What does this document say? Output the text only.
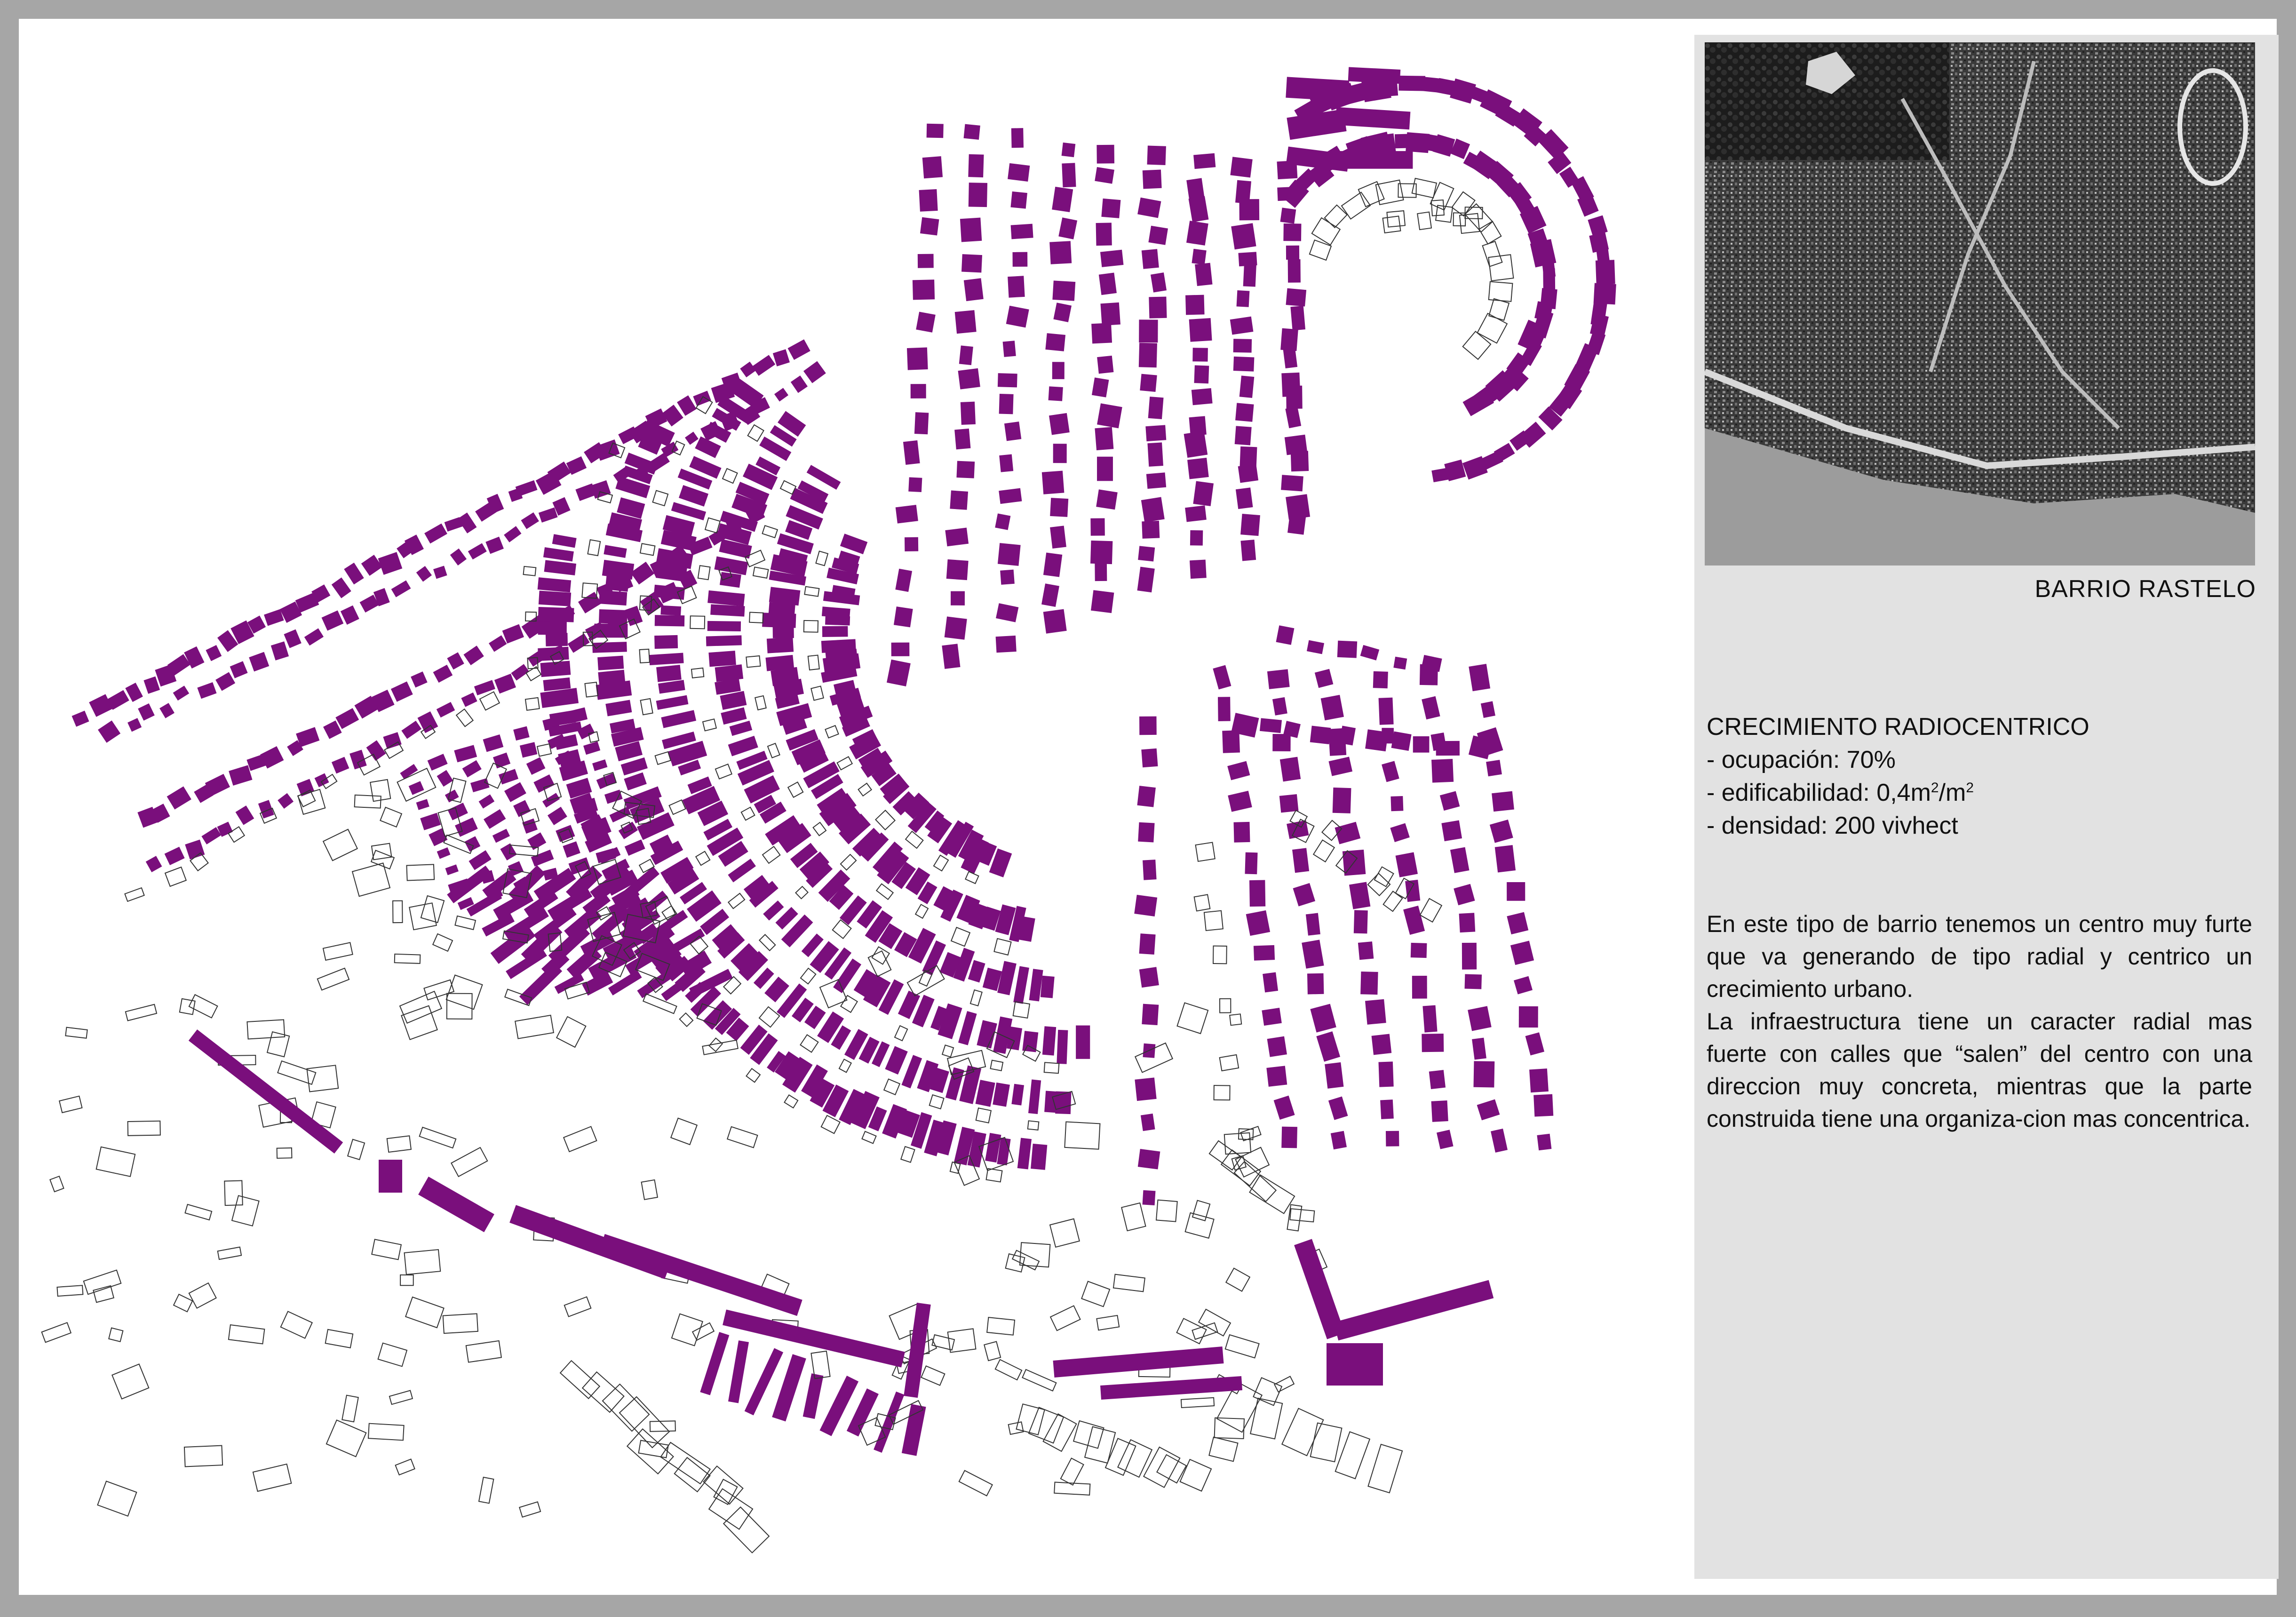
BARRIO RASTELO
CRECIMIENTO RADIOCENTRICO
- ocupación: 70%
- edificabilidad: $0,4m^2/m^2$
- densidad: 200 vivhect

En este tipo de barrio tenemos un centro muy furte que va generando de tipo radial y centrico un crecimiento urbano.

La infraestructura tiene un caracter radial mas fuerte con calles que “salen” del centro con una direccion muy concreta, mientras que la parte construida tiene una organiza-cion mas concentrica.
